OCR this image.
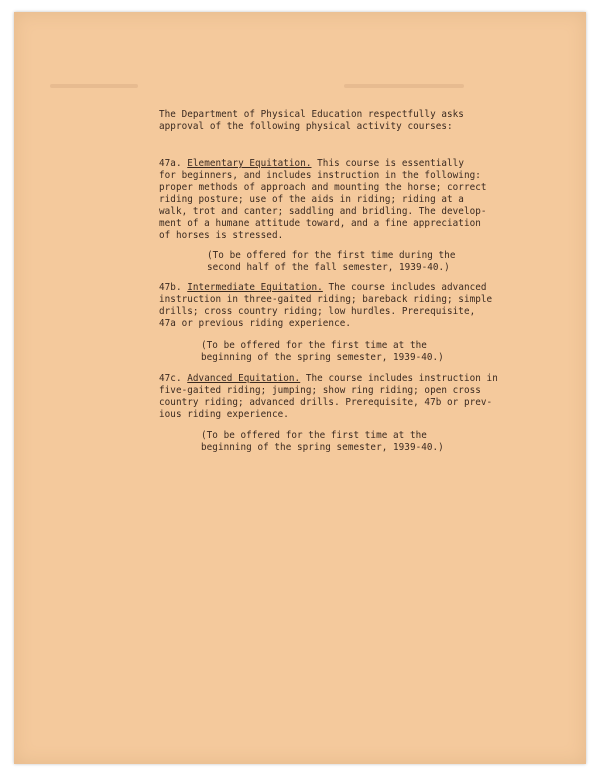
The Department of Physical Education respectfully asks
approval of the following physical activity courses:
47a. Elementary Equitation. This course is essentially
for beginners, and includes instruction in the following:
proper methods of approach and mounting the horse; correct
riding posture; use of the aids in riding; riding at a
walk, trot and canter; saddling and bridling. The develop-
ment of a humane attitude toward, and a fine appreciation
of horses is stressed.
(To be offered for the first time during the
second half of the fall semester, 1939-40.)
47b. Intermediate Equitation. The course includes advanced
instruction in three-gaited riding; bareback riding; simple
drills; cross country riding; low hurdles. Prerequisite,
47a or previous riding experience.
(To be offered for the first time at the
beginning of the spring semester, 1939-40.)
47c. Advanced Equitation. The course includes instruction in
five-gaited riding; jumping; show ring riding; open cross
country riding; advanced drills. Prerequisite, 47b or prev-
ious riding experience.
(To be offered for the first time at the
beginning of the spring semester, 1939-40.)
